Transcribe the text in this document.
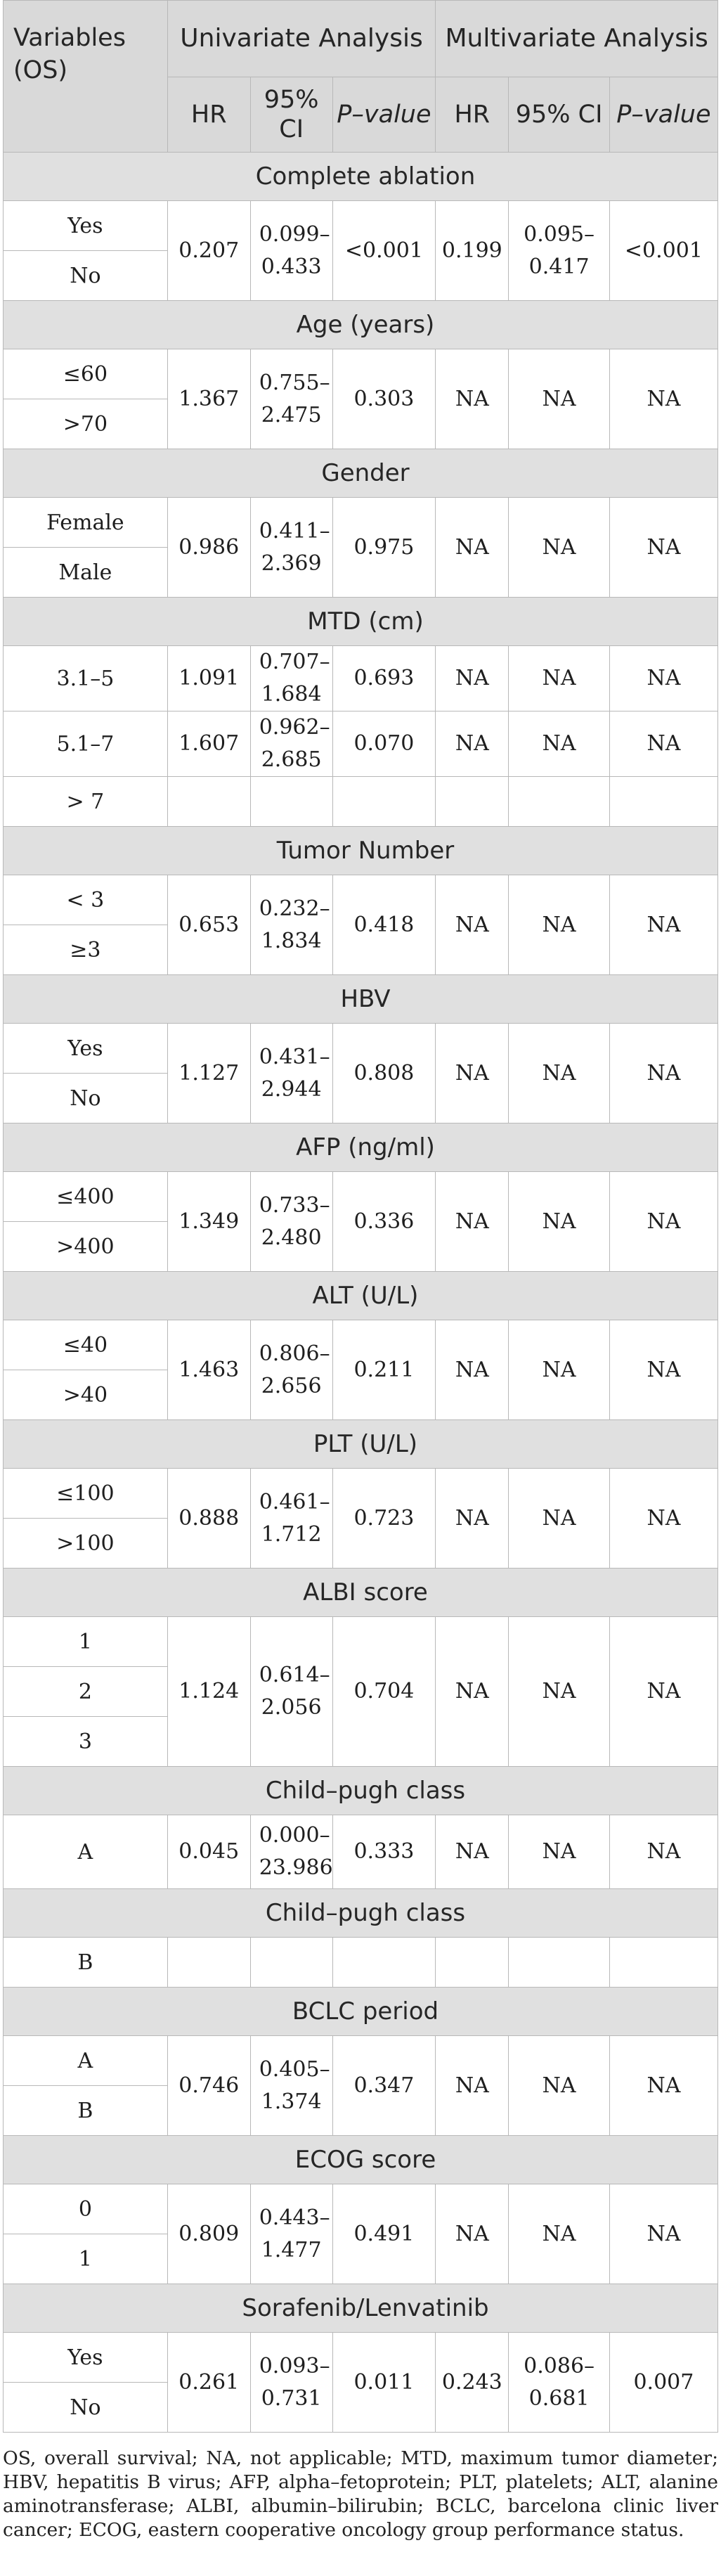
Variables (OS)	Univariate Analysis			Multivariate Analysis		
	HR	95% CI	P–value	HR	95% CI	P–value
Complete ablation						
Yes	0.207	0.099–0.433	<0.001	0.199	0.095–0.417	<0.001
No						
Age (years)						
≤60	1.367	0.755–2.475	0.303	NA	NA	NA
>70						
Gender						
Female	0.986	0.411–2.369	0.975	NA	NA	NA
Male						
MTD (cm)						
3.1–5	1.091	0.707–1.684	0.693	NA	NA	NA
5.1–7	1.607	0.962–2.685	0.070	NA	NA	NA
> 7						
Tumor Number						
< 3	0.653	0.232–1.834	0.418	NA	NA	NA
≥3						
HBV						
Yes	1.127	0.431–2.944	0.808	NA	NA	NA
No						
AFP (ng/ml)						
≤400	1.349	0.733–2.480	0.336	NA	NA	NA
>400						
ALT (U/L)						
≤40	1.463	0.806–2.656	0.211	NA	NA	NA
>40						
PLT (U/L)						
≤100	0.888	0.461–1.712	0.723	NA	NA	NA
>100						
ALBI score						
1	1.124	0.614–2.056	0.704	NA	NA	NA
2						
3						
Child–pugh class						
A	0.045	0.000–23.986	0.333	NA	NA	NA
Child–pugh class						
B						
BCLC period						
A	0.746	0.405–1.374	0.347	NA	NA	NA
B						
ECOG score						
0	0.809	0.443–1.477	0.491	NA	NA	NA
1						
Sorafenib/Lenvatinib						
Yes	0.261	0.093–0.731	0.011	0.243	0.086–0.681	0.007
No						
OS, overall survival; NA, not applicable; MTD, maximum tumor diameter; HBV, hepatitis B virus; AFP, alpha–fetoprotein; PLT, platelets; ALT, alanine aminotransferase; ALBI, albumin–bilirubin; BCLC, barcelona clinic liver cancer; ECOG, eastern cooperative oncology group performance status.
